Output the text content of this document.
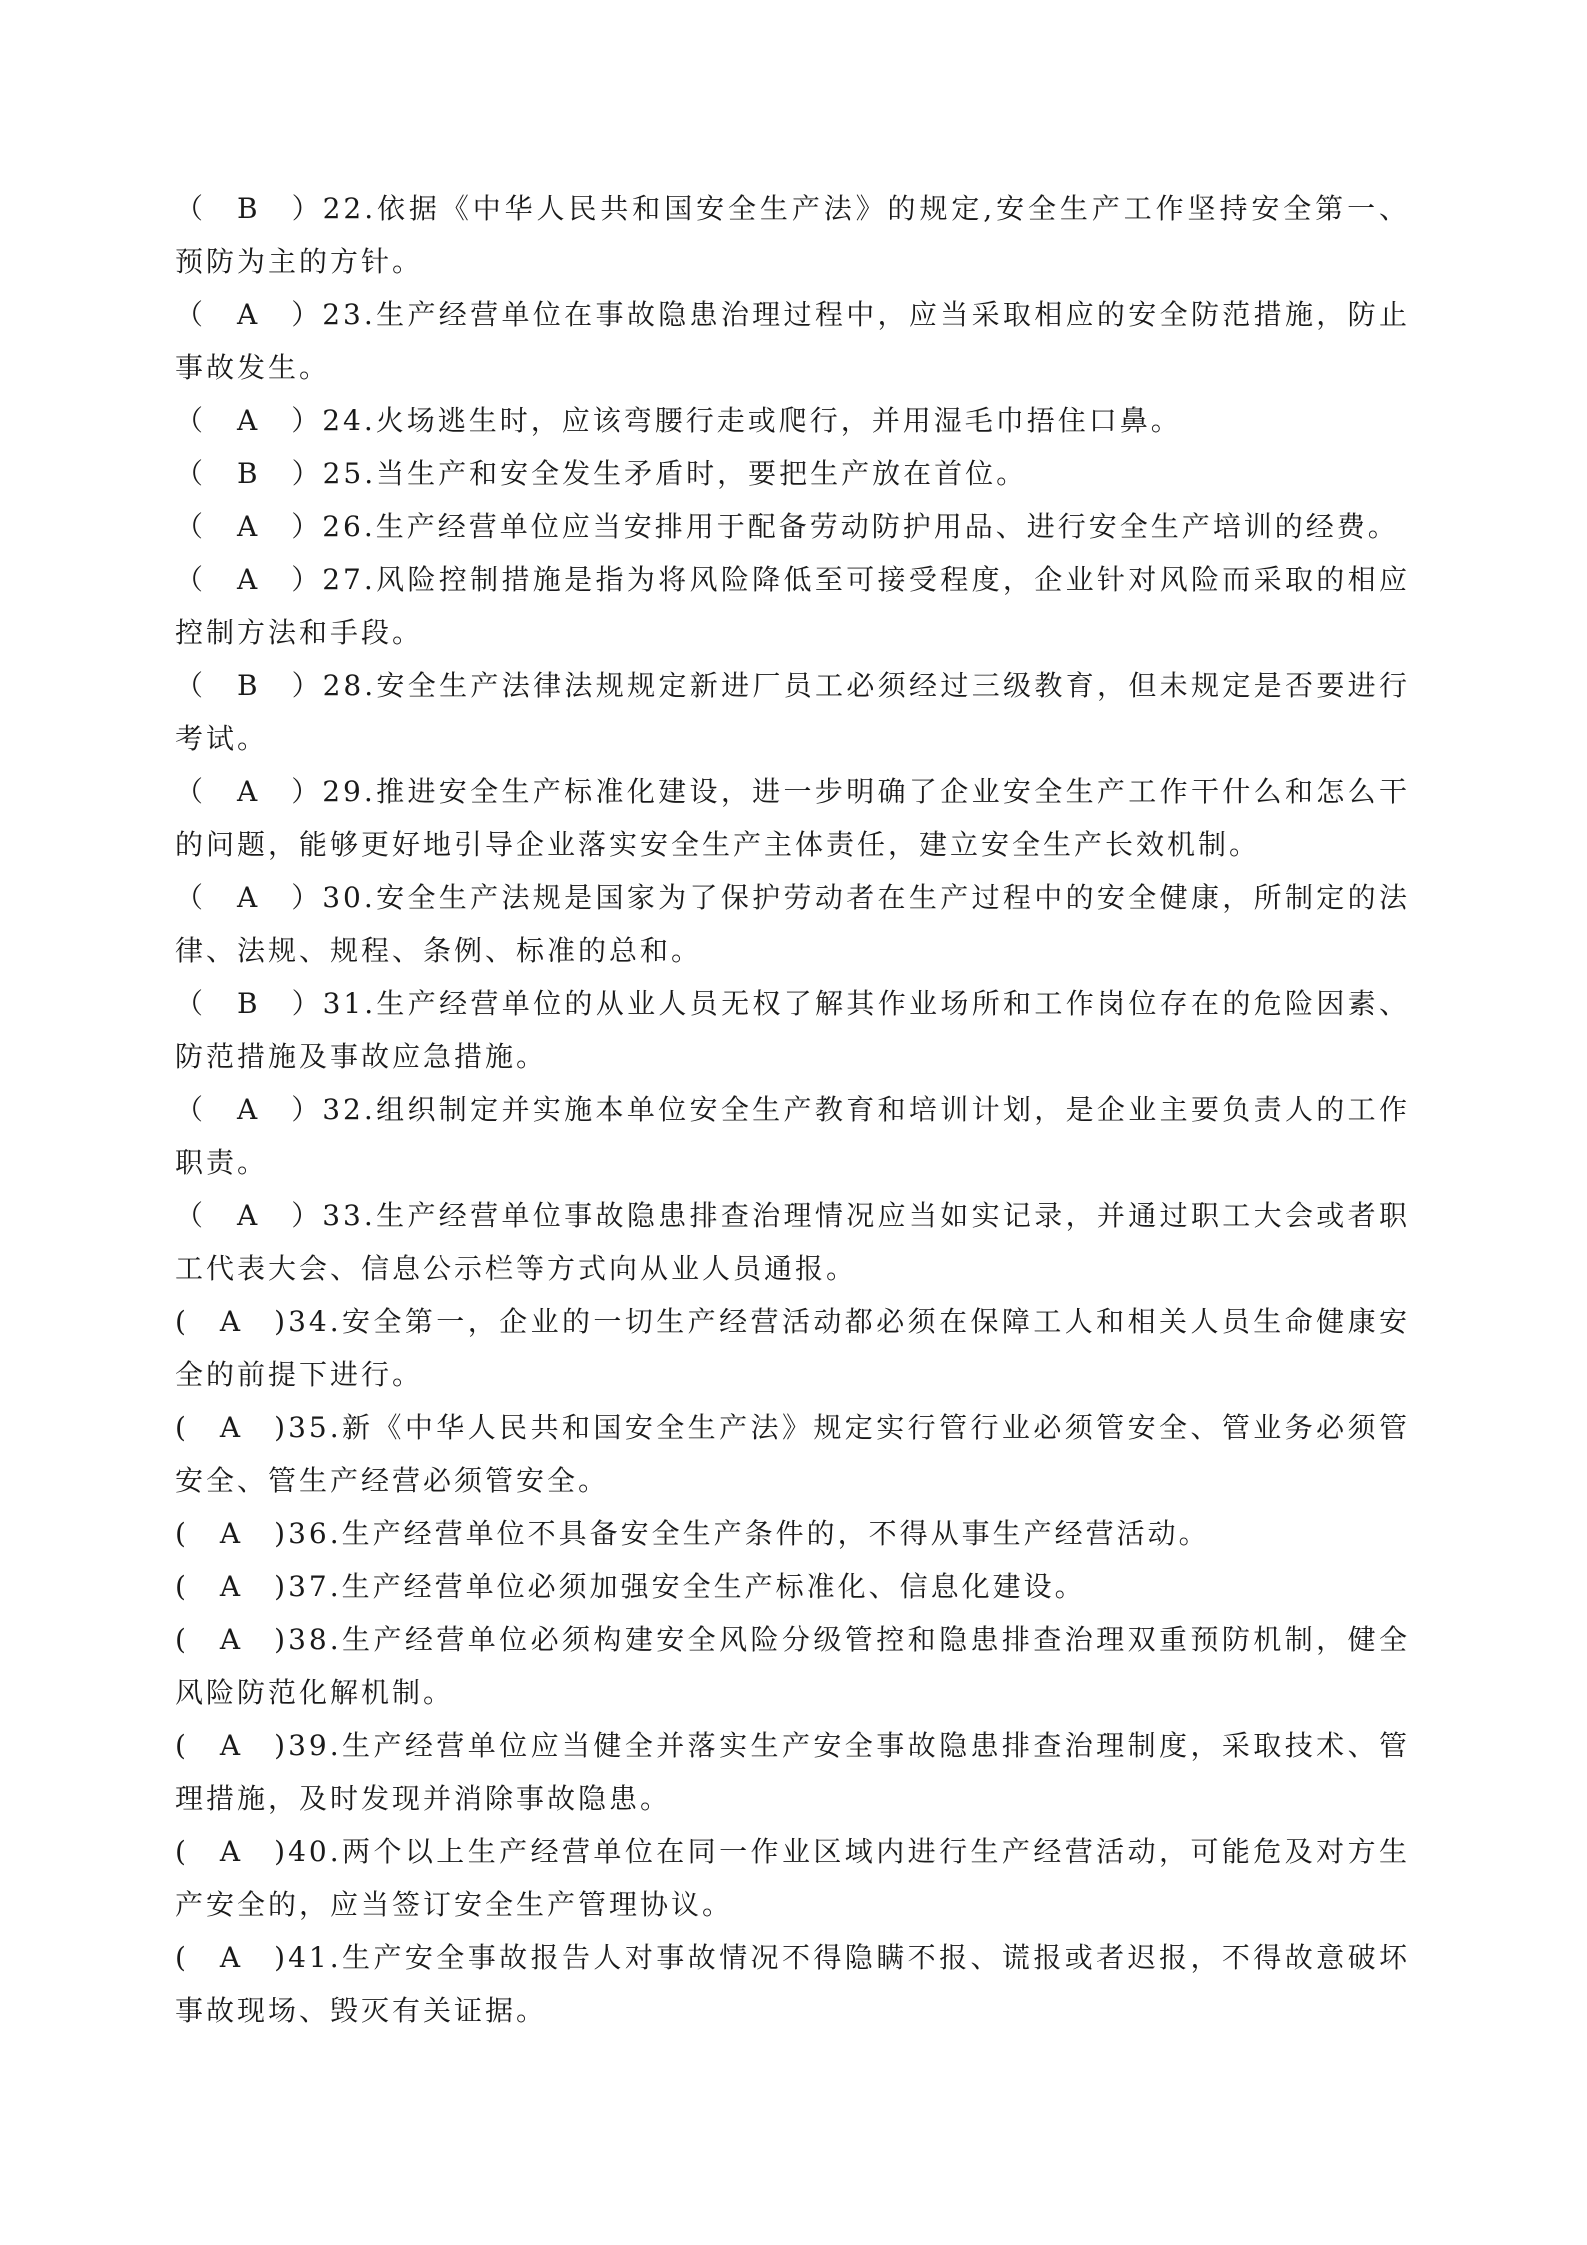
（　B　）22.依据《中华人民共和国安全生产法》的规定,安全生产工作坚持安全第一、预防为主的方针。
（　A　）23.生产经营单位在事故隐患治理过程中，应当采取相应的安全防范措施，防止事故发生。
（　A　）24.火场逃生时，应该弯腰行走或爬行，并用湿毛巾捂住口鼻。
（　B　）25.当生产和安全发生矛盾时，要把生产放在首位。
（　A　）26.生产经营单位应当安排用于配备劳动防护用品、进行安全生产培训的经费。
（　A　）27.风险控制措施是指为将风险降低至可接受程度，企业针对风险而采取的相应控制方法和手段。
（　B　）28.安全生产法律法规规定新进厂员工必须经过三级教育，但未规定是否要进行考试。
（　A　）29.推进安全生产标准化建设，进一步明确了企业安全生产工作干什么和怎么干的问题，能够更好地引导企业落实安全生产主体责任，建立安全生产长效机制。
（　A　）30.安全生产法规是国家为了保护劳动者在生产过程中的安全健康，所制定的法律、法规、规程、条例、标准的总和。
（　B　）31.生产经营单位的从业人员无权了解其作业场所和工作岗位存在的危险因素、防范措施及事故应急措施。
（　A　）32.组织制定并实施本单位安全生产教育和培训计划，是企业主要负责人的工作职责。
（　A　）33.生产经营单位事故隐患排查治理情况应当如实记录，并通过职工大会或者职工代表大会、信息公示栏等方式向从业人员通报。
(　A　)34.安全第一，企业的一切生产经营活动都必须在保障工人和相关人员生命健康安全的前提下进行。
(　A　)35.新《中华人民共和国安全生产法》规定实行管行业必须管安全、管业务必须管安全、管生产经营必须管安全。
(　A　)36.生产经营单位不具备安全生产条件的，不得从事生产经营活动。
(　A　)37.生产经营单位必须加强安全生产标准化、信息化建设。
(　A　)38.生产经营单位必须构建安全风险分级管控和隐患排查治理双重预防机制，健全风险防范化解机制。
(　A　)39.生产经营单位应当健全并落实生产安全事故隐患排查治理制度，采取技术、管理措施，及时发现并消除事故隐患。
(　A　)40.两个以上生产经营单位在同一作业区域内进行生产经营活动，可能危及对方生产安全的，应当签订安全生产管理协议。
(　A　)41.生产安全事故报告人对事故情况不得隐瞒不报、谎报或者迟报，不得故意破坏事故现场、毁灭有关证据。
